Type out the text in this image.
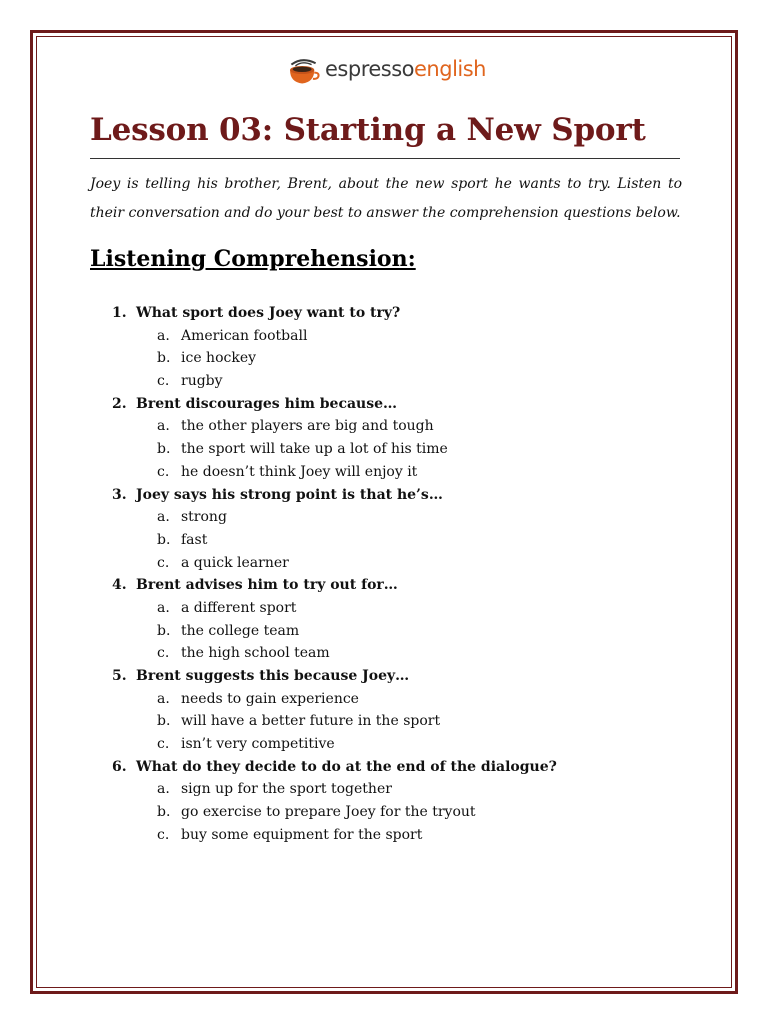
espressoenglish
Lesson 03: Starting a New Sport

Joey is telling his brother, Brent, about the new sport he wants to try. Listen to their conversation and do your best to answer the comprehension questions below.

Listening Comprehension:
1. What sport does Joey want to try?
a. American football
b. ice hockey
c. rugby
2. Brent discourages him because…
a. the other players are big and tough
b. the sport will take up a lot of his time
c. he doesn’t think Joey will enjoy it
3. Joey says his strong point is that he’s…
a. strong
b. fast
c. a quick learner
4. Brent advises him to try out for…
a. a different sport
b. the college team
c. the high school team
5. Brent suggests this because Joey…
a. needs to gain experience
b. will have a better future in the sport
c. isn’t very competitive
6. What do they decide to do at the end of the dialogue?
a. sign up for the sport together
b. go exercise to prepare Joey for the tryout
c. buy some equipment for the sport
